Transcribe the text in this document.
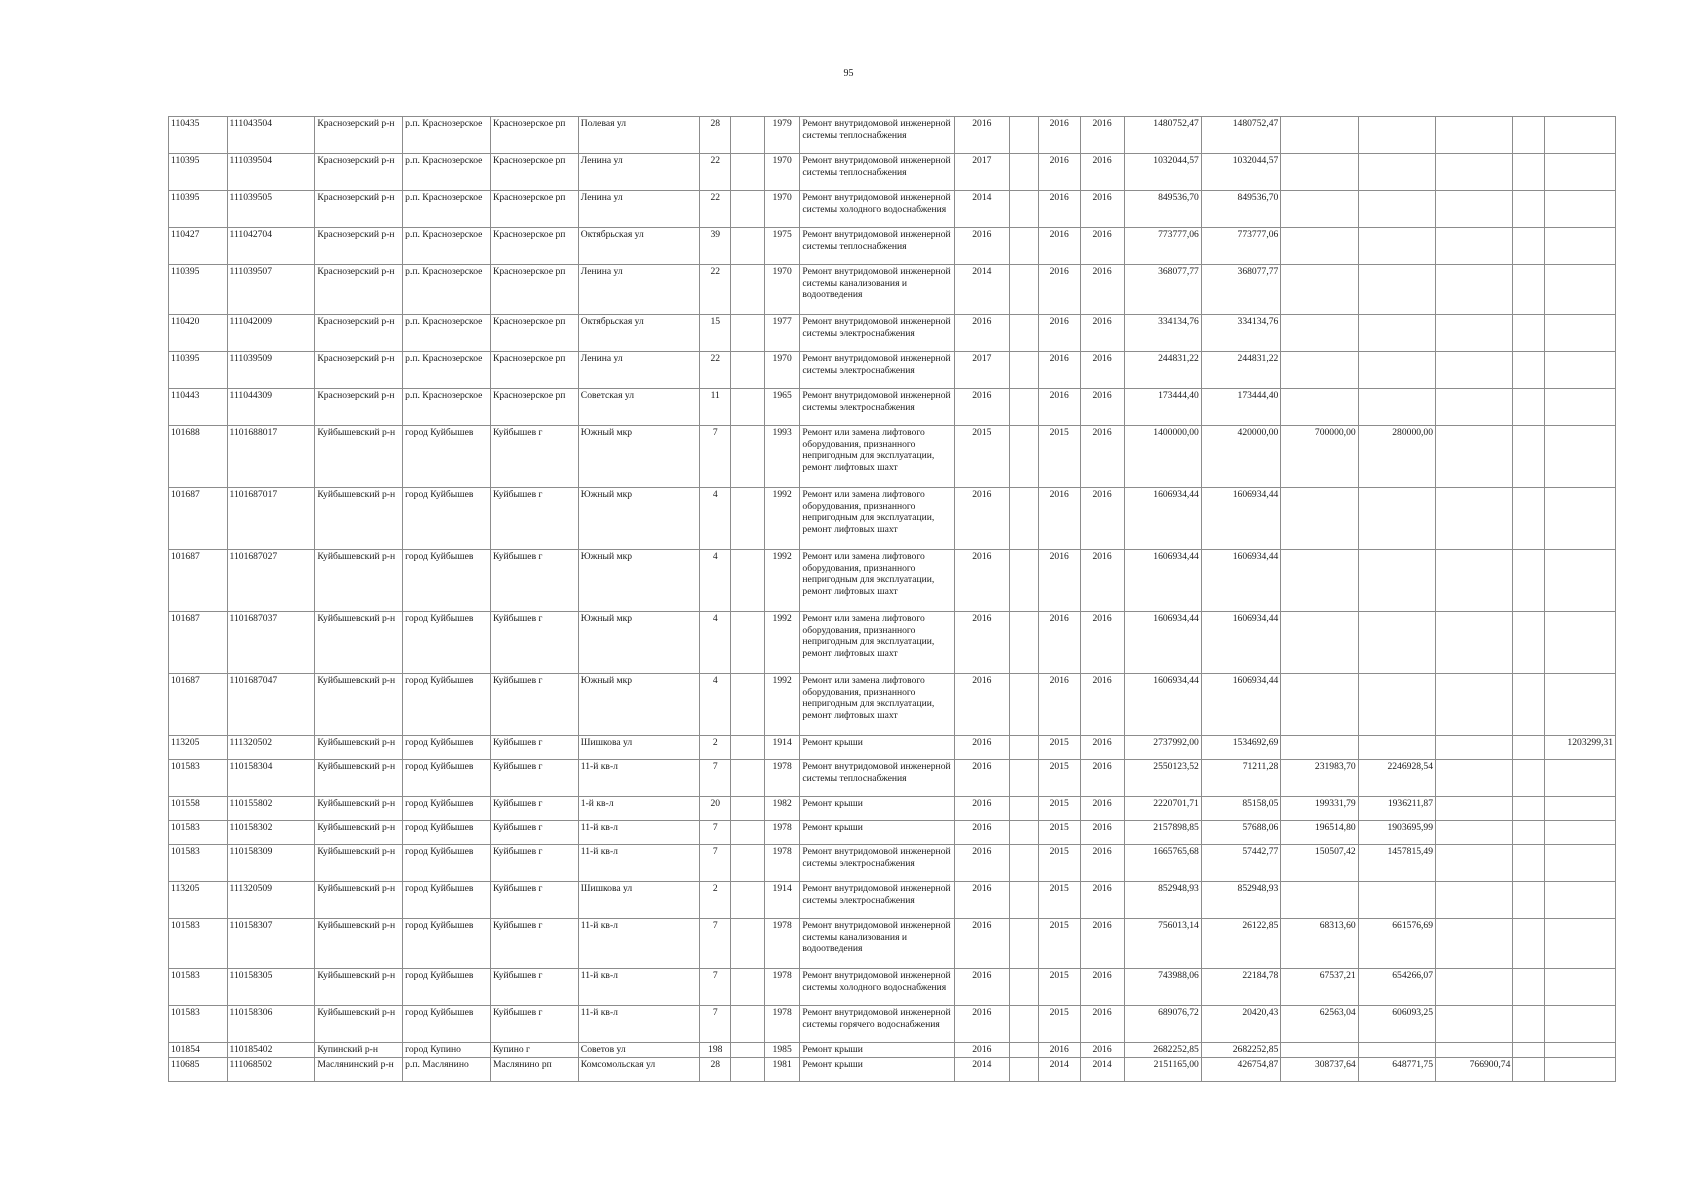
95
110435	111043504	Краснозерский р-н	р.п. Краснозерское	Краснозерское рп	Полевая ул	28		1979	Ремонт внутридомовой инженерной системы теплоснабжения	2016		2016	2016	1480752,47	1480752,47					
110395	111039504	Краснозерский р-н	р.п. Краснозерское	Краснозерское рп	Ленина ул	22		1970	Ремонт внутридомовой инженерной системы теплоснабжения	2017		2016	2016	1032044,57	1032044,57					
110395	111039505	Краснозерский р-н	р.п. Краснозерское	Краснозерское рп	Ленина ул	22		1970	Ремонт внутридомовой инженерной системы холодного водоснабжения	2014		2016	2016	849536,70	849536,70					
110427	111042704	Краснозерский р-н	р.п. Краснозерское	Краснозерское рп	Октябрьская ул	39		1975	Ремонт внутридомовой инженерной системы теплоснабжения	2016		2016	2016	773777,06	773777,06					
110395	111039507	Краснозерский р-н	р.п. Краснозерское	Краснозерское рп	Ленина ул	22		1970	Ремонт внутридомовой инженерной системы канализования и водоотведения	2014		2016	2016	368077,77	368077,77					
110420	111042009	Краснозерский р-н	р.п. Краснозерское	Краснозерское рп	Октябрьская ул	15		1977	Ремонт внутридомовой инженерной системы электроснабжения	2016		2016	2016	334134,76	334134,76					
110395	111039509	Краснозерский р-н	р.п. Краснозерское	Краснозерское рп	Ленина ул	22		1970	Ремонт внутридомовой инженерной системы электроснабжения	2017		2016	2016	244831,22	244831,22					
110443	111044309	Краснозерский р-н	р.п. Краснозерское	Краснозерское рп	Советская ул	11		1965	Ремонт внутридомовой инженерной системы электроснабжения	2016		2016	2016	173444,40	173444,40					
101688	1101688017	Куйбышевский р-н	город Куйбышев	Куйбышев г	Южный мкр	7		1993	Ремонт или замена лифтового оборудования, признанного непригодным для эксплуатации, ремонт лифтовых шахт	2015		2015	2016	1400000,00	420000,00	700000,00	280000,00			
101687	1101687017	Куйбышевский р-н	город Куйбышев	Куйбышев г	Южный мкр	4		1992	Ремонт или замена лифтового оборудования, признанного непригодным для эксплуатации, ремонт лифтовых шахт	2016		2016	2016	1606934,44	1606934,44					
101687	1101687027	Куйбышевский р-н	город Куйбышев	Куйбышев г	Южный мкр	4		1992	Ремонт или замена лифтового оборудования, признанного непригодным для эксплуатации, ремонт лифтовых шахт	2016		2016	2016	1606934,44	1606934,44					
101687	1101687037	Куйбышевский р-н	город Куйбышев	Куйбышев г	Южный мкр	4		1992	Ремонт или замена лифтового оборудования, признанного непригодным для эксплуатации, ремонт лифтовых шахт	2016		2016	2016	1606934,44	1606934,44					
101687	1101687047	Куйбышевский р-н	город Куйбышев	Куйбышев г	Южный мкр	4		1992	Ремонт или замена лифтового оборудования, признанного непригодным для эксплуатации, ремонт лифтовых шахт	2016		2016	2016	1606934,44	1606934,44					
113205	111320502	Куйбышевский р-н	город Куйбышев	Куйбышев г	Шишкова ул	2		1914	Ремонт крыши	2016		2015	2016	2737992,00	1534692,69					1203299,31
101583	110158304	Куйбышевский р-н	город Куйбышев	Куйбышев г	11-й кв-л	7		1978	Ремонт внутридомовой инженерной системы теплоснабжения	2016		2015	2016	2550123,52	71211,28	231983,70	2246928,54			
101558	110155802	Куйбышевский р-н	город Куйбышев	Куйбышев г	1-й кв-л	20		1982	Ремонт крыши	2016		2015	2016	2220701,71	85158,05	199331,79	1936211,87			
101583	110158302	Куйбышевский р-н	город Куйбышев	Куйбышев г	11-й кв-л	7		1978	Ремонт крыши	2016		2015	2016	2157898,85	57688,06	196514,80	1903695,99			
101583	110158309	Куйбышевский р-н	город Куйбышев	Куйбышев г	11-й кв-л	7		1978	Ремонт внутридомовой инженерной системы электроснабжения	2016		2015	2016	1665765,68	57442,77	150507,42	1457815,49			
113205	111320509	Куйбышевский р-н	город Куйбышев	Куйбышев г	Шишкова ул	2		1914	Ремонт внутридомовой инженерной системы электроснабжения	2016		2015	2016	852948,93	852948,93					
101583	110158307	Куйбышевский р-н	город Куйбышев	Куйбышев г	11-й кв-л	7		1978	Ремонт внутридомовой инженерной системы канализования и водоотведения	2016		2015	2016	756013,14	26122,85	68313,60	661576,69			
101583	110158305	Куйбышевский р-н	город Куйбышев	Куйбышев г	11-й кв-л	7		1978	Ремонт внутридомовой инженерной системы холодного водоснабжения	2016		2015	2016	743988,06	22184,78	67537,21	654266,07			
101583	110158306	Куйбышевский р-н	город Куйбышев	Куйбышев г	11-й кв-л	7		1978	Ремонт внутридомовой инженерной системы горячего водоснабжения	2016		2015	2016	689076,72	20420,43	62563,04	606093,25			
101854	110185402	Купинский р-н	город Купино	Купино г	Советов ул	198		1985	Ремонт крыши	2016		2016	2016	2682252,85	2682252,85					
110685	111068502	Маслянинский р-н	р.п. Маслянино	Маслянино рп	Комсомольская ул	28		1981	Ремонт крыши	2014		2014	2014	2151165,00	426754,87	308737,64	648771,75	766900,74		
